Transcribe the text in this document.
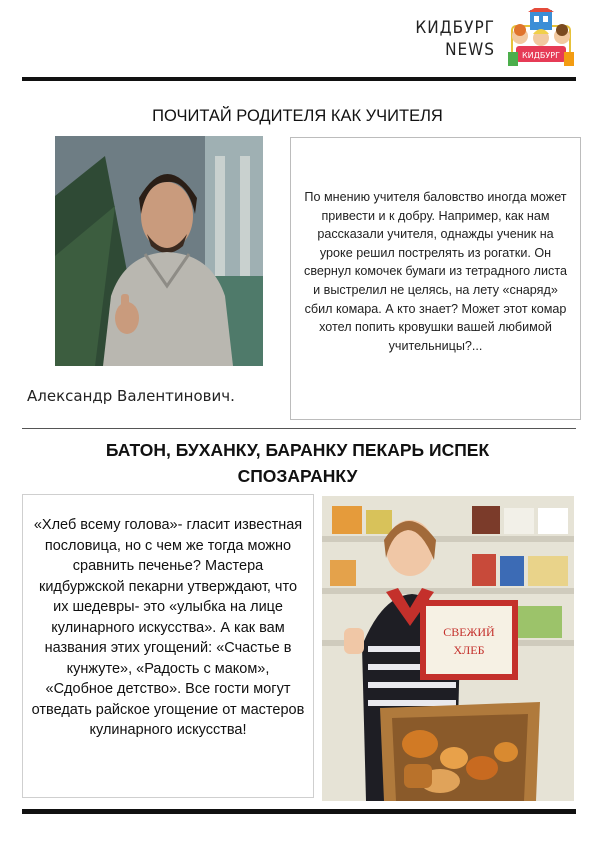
КИДБУРГ
NEWS	КИДБУРГ
ПОЧИТАЙ РОДИТЕЛЯ КАК УЧИТЕЛЯ
Александр Валентинович.

По мнению учителя баловство иногда может привести и к добру. Например, как нам рассказали учителя, однажды ученик на уроке решил пострелять из рогатки. Он свернул комочек бумаги из тетрадного листа и выстрелил не целясь, на лету «снаряд» сбил комара. А кто знает? Может этот комар хотел попить кровушки вашей любимой учительницы?...

БАТОН, БУХАНКУ, БАРАНКУ ПЕКАРЬ ИСПЕК
СПОЗАРАНКУ

«Хлеб всему голова»- гласит известная пословица, но с чем же тогда можно сравнить печенье? Мастера кидбуржской пекарни утверждают, что их шедевры- это «улыбка на лице кулинарного искусства». А как вам названия этих угощений: «Счастье в кунжуте», «Радость с маком», «Сдобное детство». Все гости могут отведать райское угощение от мастеров кулинарного искусства!

СВЕЖИЙ
ХЛЕБ
